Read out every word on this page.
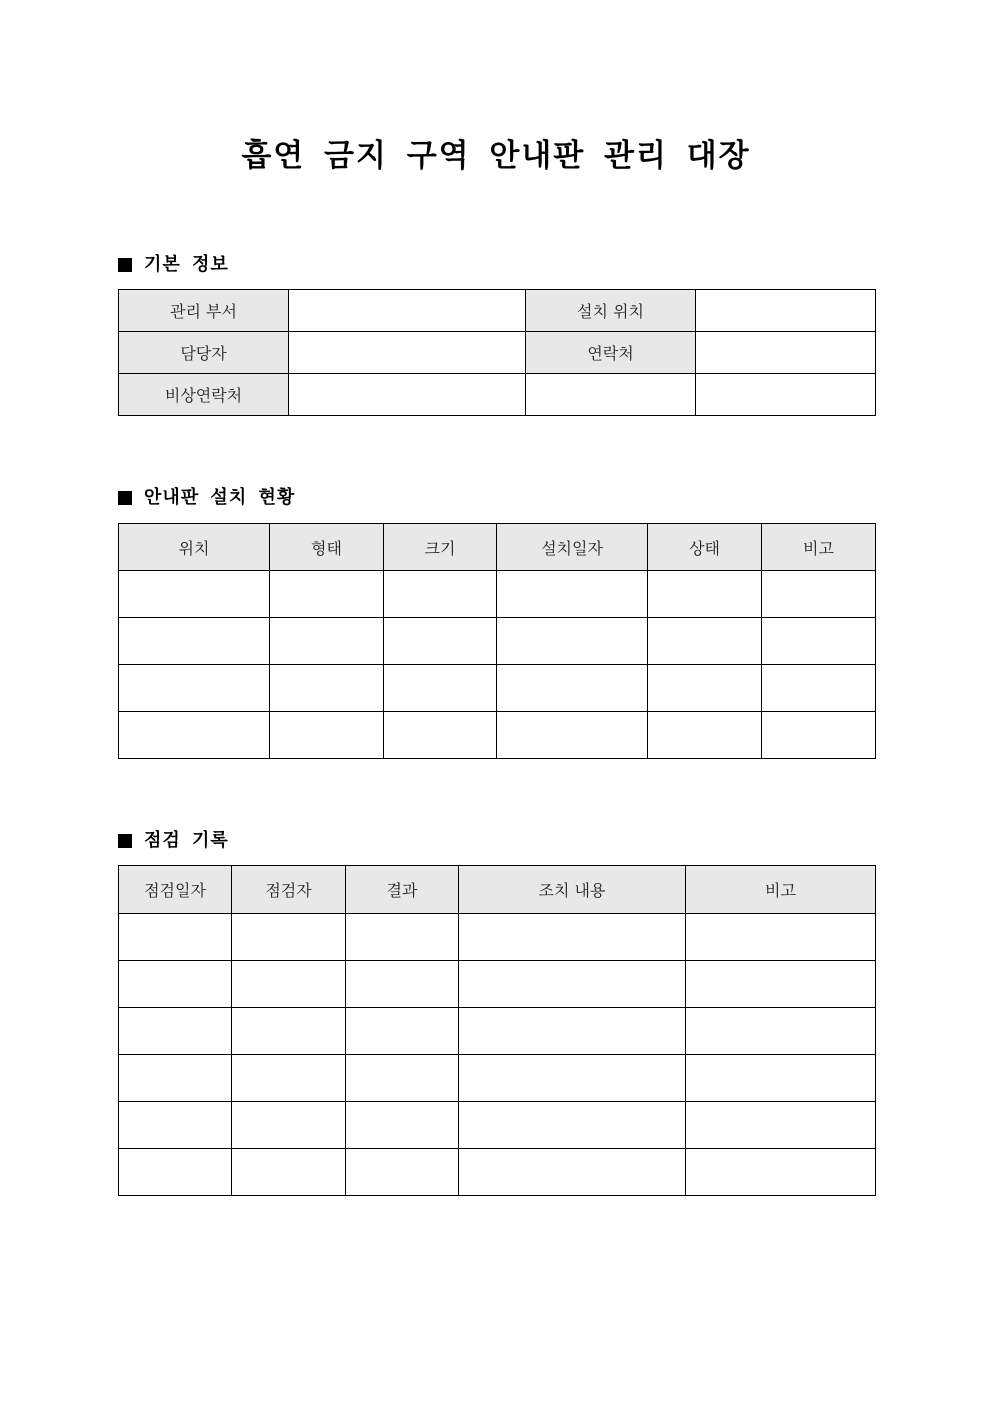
흡연 금지 구역 안내판 관리 대장
기본 정보
관리 부서		설치 위치	
담당자		연락처	
비상연락처			
안내판 설치 현황
위치	형태	크기	설치일자	상태	비고

점검 기록
점검일자	점검자	결과	조치 내용	비고
